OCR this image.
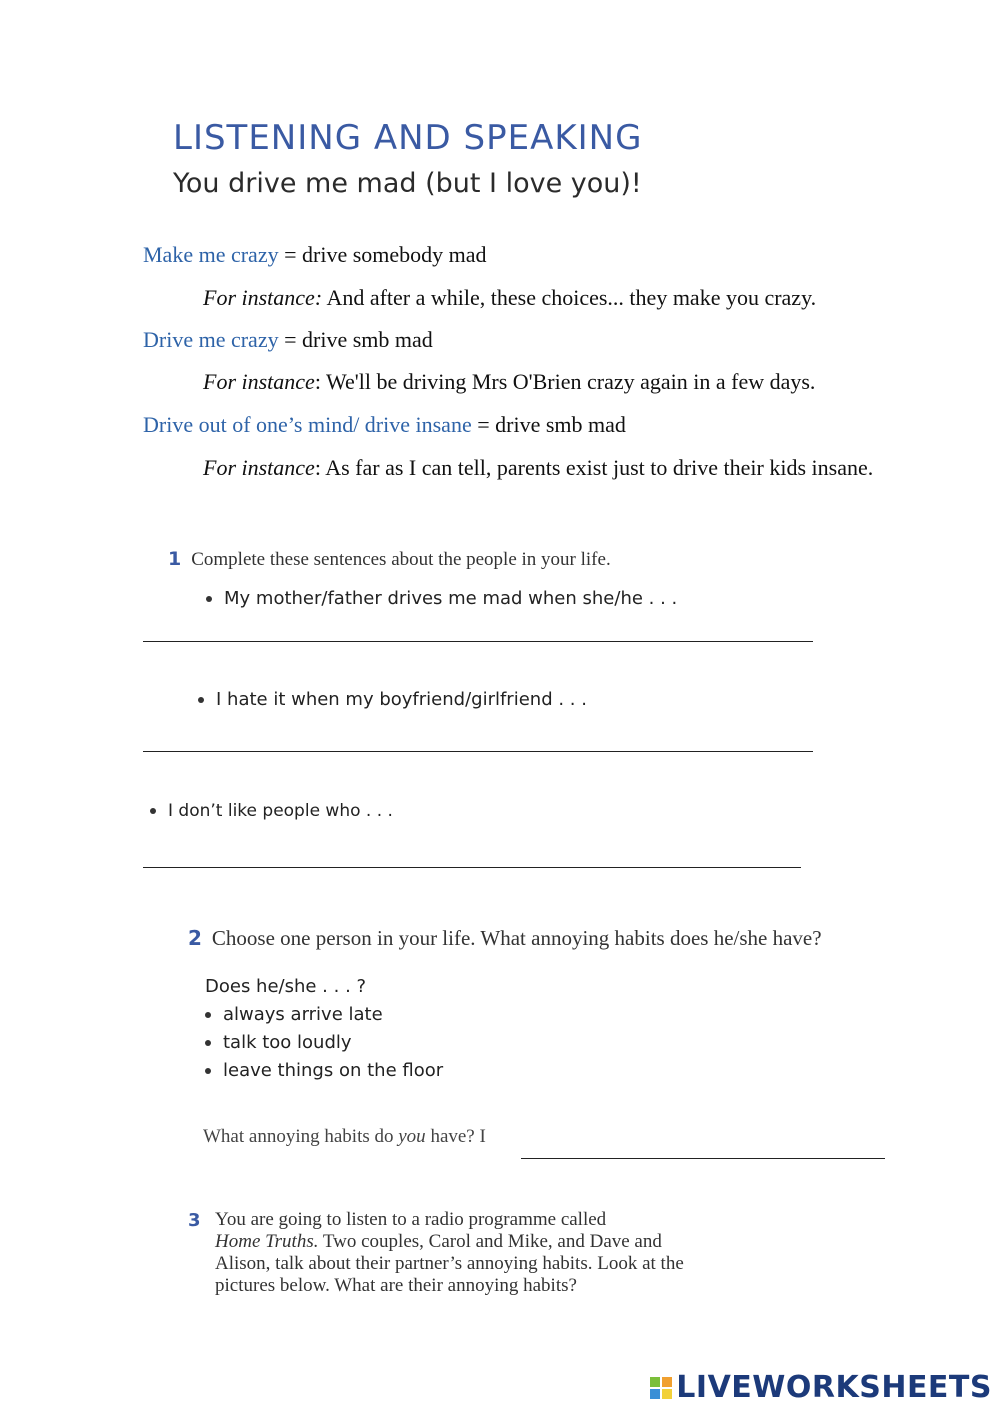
LISTENING AND SPEAKING
You drive me mad (but I love you)!
Make me crazy = drive somebody mad
For instance: And after a while, these choices... they make you crazy.
Drive me crazy = drive smb mad
For instance: We'll be driving Mrs O'Brien crazy again in a few days.
Drive out of one’s mind/ drive insane = drive smb mad
For instance: As far as I can tell, parents exist just to drive their kids insane.
1 Complete these sentences about the people in your life.
My mother/father drives me mad when she/he . . .
I hate it when my boyfriend/girlfriend . . .
I don’t like people who . . .
2 Choose one person in your life. What annoying habits does he/she have?
Does he/she . . . ?
always arrive late
talk too loudly
leave things on the floor
What annoying habits do you have? I
3 You are going to listen to a radio programme called
Home Truths. Two couples, Carol and Mike, and Dave and
Alison, talk about their partner’s annoying habits. Look at the
pictures below. What are their annoying habits?
LIVEWORKSHEETS
